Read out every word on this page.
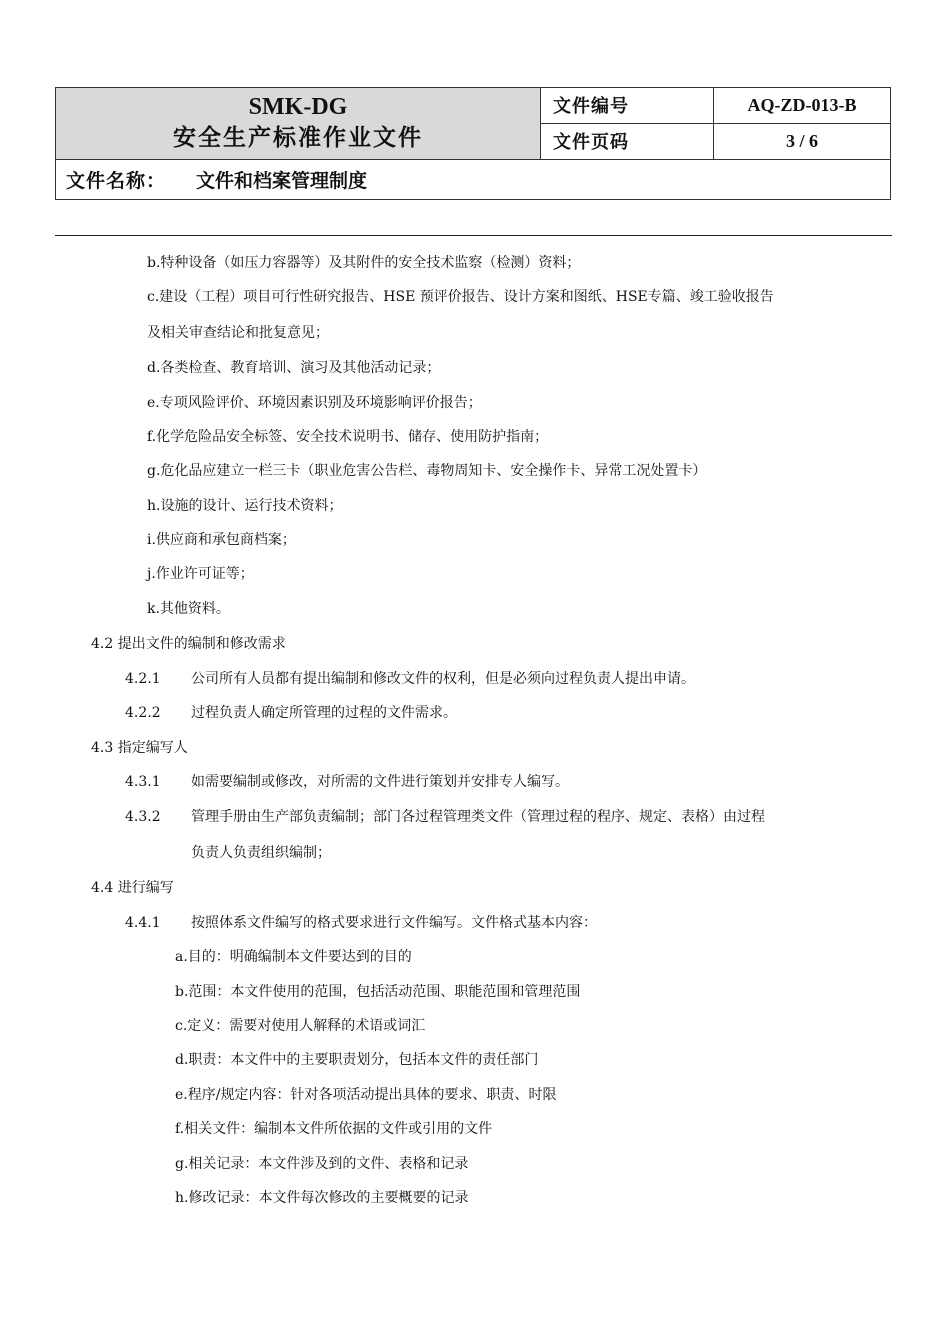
SMK-DG
安全生产标准作业文件	文件编号	AQ-ZD-013-B
	文件页码	3 / 6
文件名称： 文件和档案管理制度		
b.特种设备（如压力容器等）及其附件的安全技术监察（检测）资料；
c.建设（工程）项目可行性研究报告、HSE 预评价报告、设计方案和图纸、HSE专篇、竣工验收报告
及相关审查结论和批复意见；
d.各类检查、教育培训、演习及其他活动记录；
e.专项风险评价、环境因素识别及环境影响评价报告；
f.化学危险品安全标签、安全技术说明书、储存、使用防护指南；
g.危化品应建立一栏三卡（职业危害公告栏、毒物周知卡、安全操作卡、异常工况处置卡）
h.设施的设计、运行技术资料；
i.供应商和承包商档案；
j.作业许可证等；
k.其他资料。
4.2 提出文件的编制和修改需求
4.2.1 公司所有人员都有提出编制和修改文件的权利，但是必须向过程负责人提出申请。
4.2.2 过程负责人确定所管理的过程的文件需求。
4.3 指定编写人
4.3.1 如需要编制或修改，对所需的文件进行策划并安排专人编写。
4.3.2 管理手册由生产部负责编制；部门各过程管理类文件（管理过程的程序、规定、表格）由过程
负责人负责组织编制；
4.4 进行编写
4.4.1 按照体系文件编写的格式要求进行文件编写。文件格式基本内容：
a.目的：明确编制本文件要达到的目的
b.范围：本文件使用的范围，包括活动范围、职能范围和管理范围
c.定义：需要对使用人解释的术语或词汇
d.职责：本文件中的主要职责划分，包括本文件的责任部门
e.程序/规定内容：针对各项活动提出具体的要求、职责、时限
f.相关文件：编制本文件所依据的文件或引用的文件
g.相关记录：本文件涉及到的文件、表格和记录
h.修改记录：本文件每次修改的主要概要的记录
